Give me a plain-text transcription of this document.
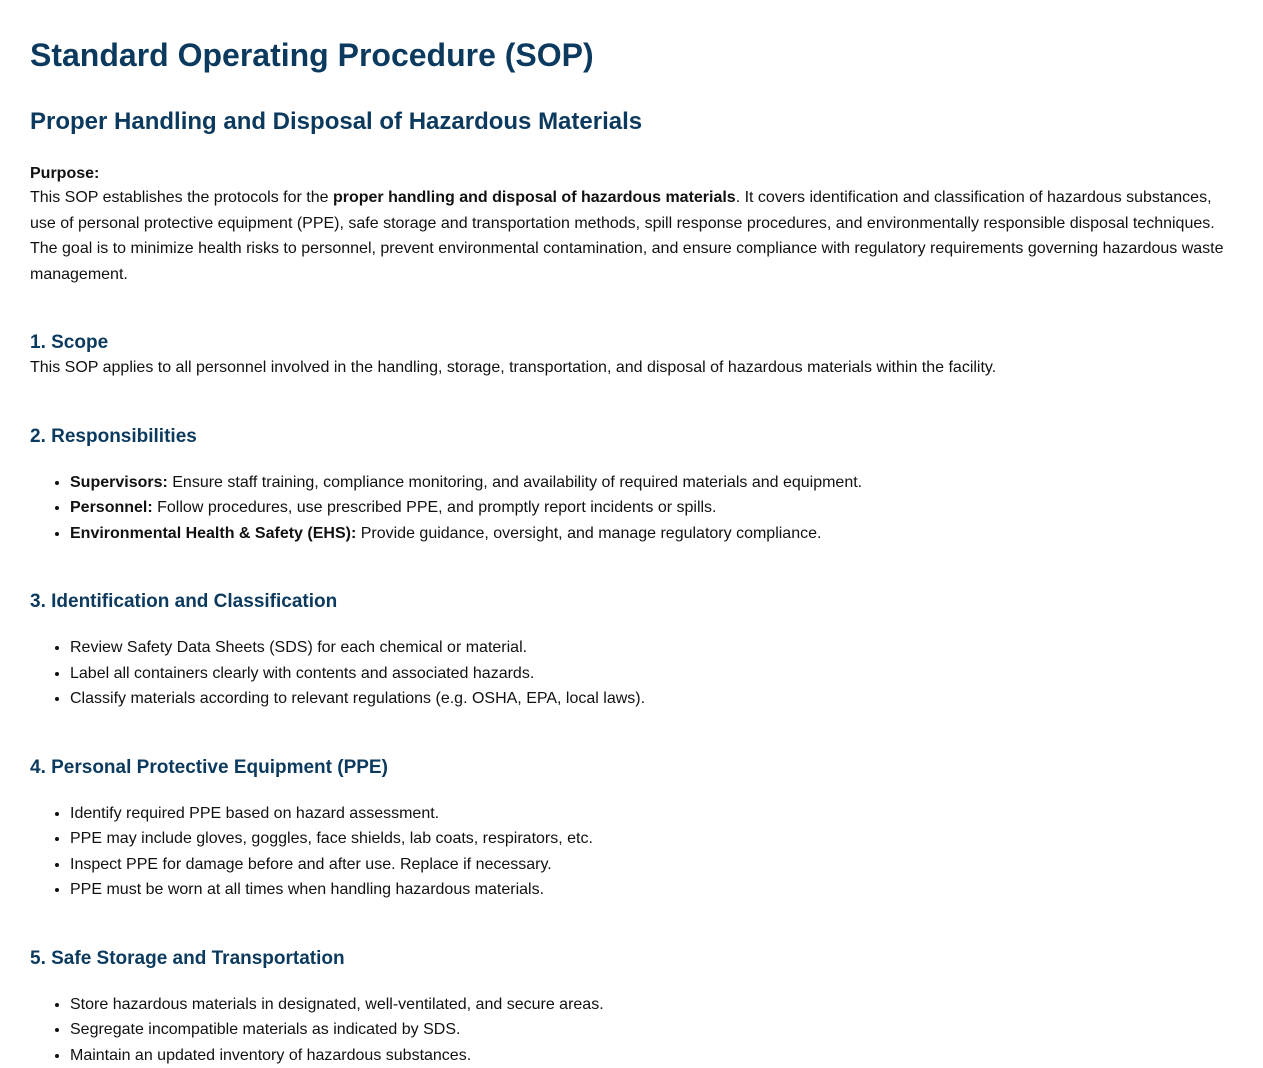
Standard Operating Procedure (SOP)
Proper Handling and Disposal of Hazardous Materials

Purpose:

This SOP establishes the protocols for the proper handling and disposal of hazardous materials. It covers identification and classification of hazardous substances, use of personal protective equipment (PPE), safe storage and transportation methods, spill response procedures, and environmentally responsible disposal techniques. The goal is to minimize health risks to personnel, prevent environmental contamination, and ensure compliance with regulatory requirements governing hazardous waste management.

1. Scope

This SOP applies to all personnel involved in the handling, storage, transportation, and disposal of hazardous materials within the facility.

2. Responsibilities
• Supervisors: Ensure staff training, compliance monitoring, and availability of required materials and equipment.
• Personnel: Follow procedures, use prescribed PPE, and promptly report incidents or spills.
• Environmental Health & Safety (EHS): Provide guidance, oversight, and manage regulatory compliance.
3. Identification and Classification
• Review Safety Data Sheets (SDS) for each chemical or material.
• Label all containers clearly with contents and associated hazards.
• Classify materials according to relevant regulations (e.g. OSHA, EPA, local laws).
4. Personal Protective Equipment (PPE)
• Identify required PPE based on hazard assessment.
• PPE may include gloves, goggles, face shields, lab coats, respirators, etc.
• Inspect PPE for damage before and after use. Replace if necessary.
• PPE must be worn at all times when handling hazardous materials.
5. Safe Storage and Transportation
• Store hazardous materials in designated, well-ventilated, and secure areas.
• Segregate incompatible materials as indicated by SDS.
• Maintain an updated inventory of hazardous substances.
